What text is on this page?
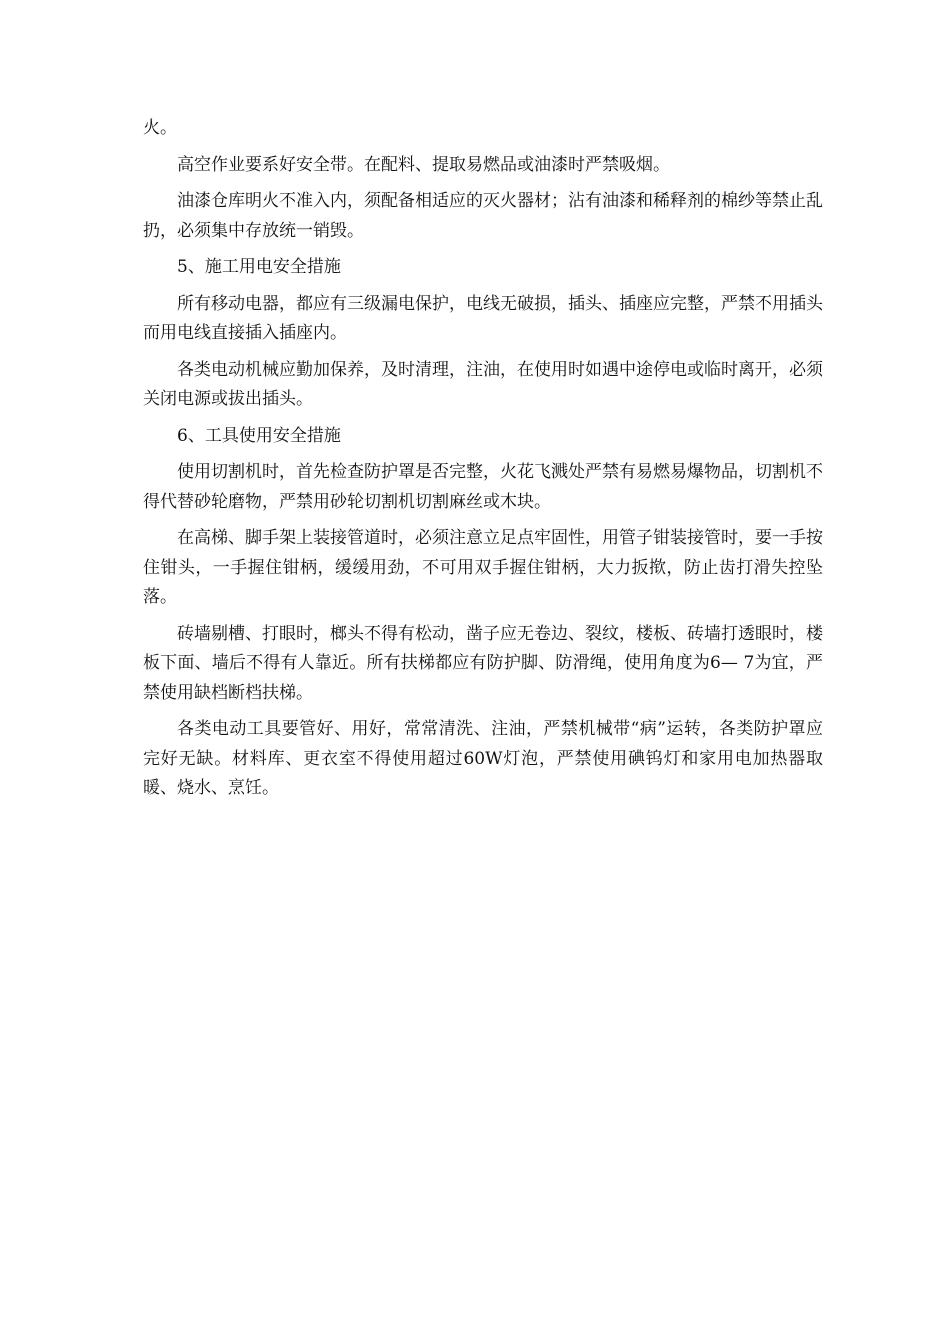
火。

高空作业要系好安全带。在配料、提取易燃品或油漆时严禁吸烟。

油漆仓库明火不准入内，须配备相适应的灭火器材；沾有油漆和稀释剂的棉纱等禁止乱扔，必须集中存放统一销毁。

5、施工用电安全措施

所有移动电器，都应有三级漏电保护，电线无破损，插头、插座应完整，严禁不用插头而用电线直接插入插座内。

各类电动机械应勤加保养，及时清理，注油，在使用时如遇中途停电或临时离开，必须关闭电源或拔出插头。

6、工具使用安全措施

使用切割机时，首先检查防护罩是否完整，火花飞溅处严禁有易燃易爆物品，切割机不得代替砂轮磨物，严禁用砂轮切割机切割麻丝或木块。

在高梯、脚手架上装接管道时，必须注意立足点牢固性，用管子钳装接管时，要一手按住钳头，一手握住钳柄，缓缓用劲，不可用双手握住钳柄，大力扳揿，防止齿打滑失控坠落。

砖墙剔槽、打眼时，榔头不得有松动，凿子应无卷边、裂纹，楼板、砖墙打透眼时，楼板下面、墙后不得有人靠近。所有扶梯都应有防护脚、防滑绳，使用角度为6— 7为宜，严禁使用缺档断档扶梯。

各类电动工具要管好、用好，常常清洗、注油，严禁机械带“病”运转，各类防护罩应完好无缺。材料库、更衣室不得使用超过60W灯泡，严禁使用碘钨灯和家用电加热器取暖、烧水、烹饪。
